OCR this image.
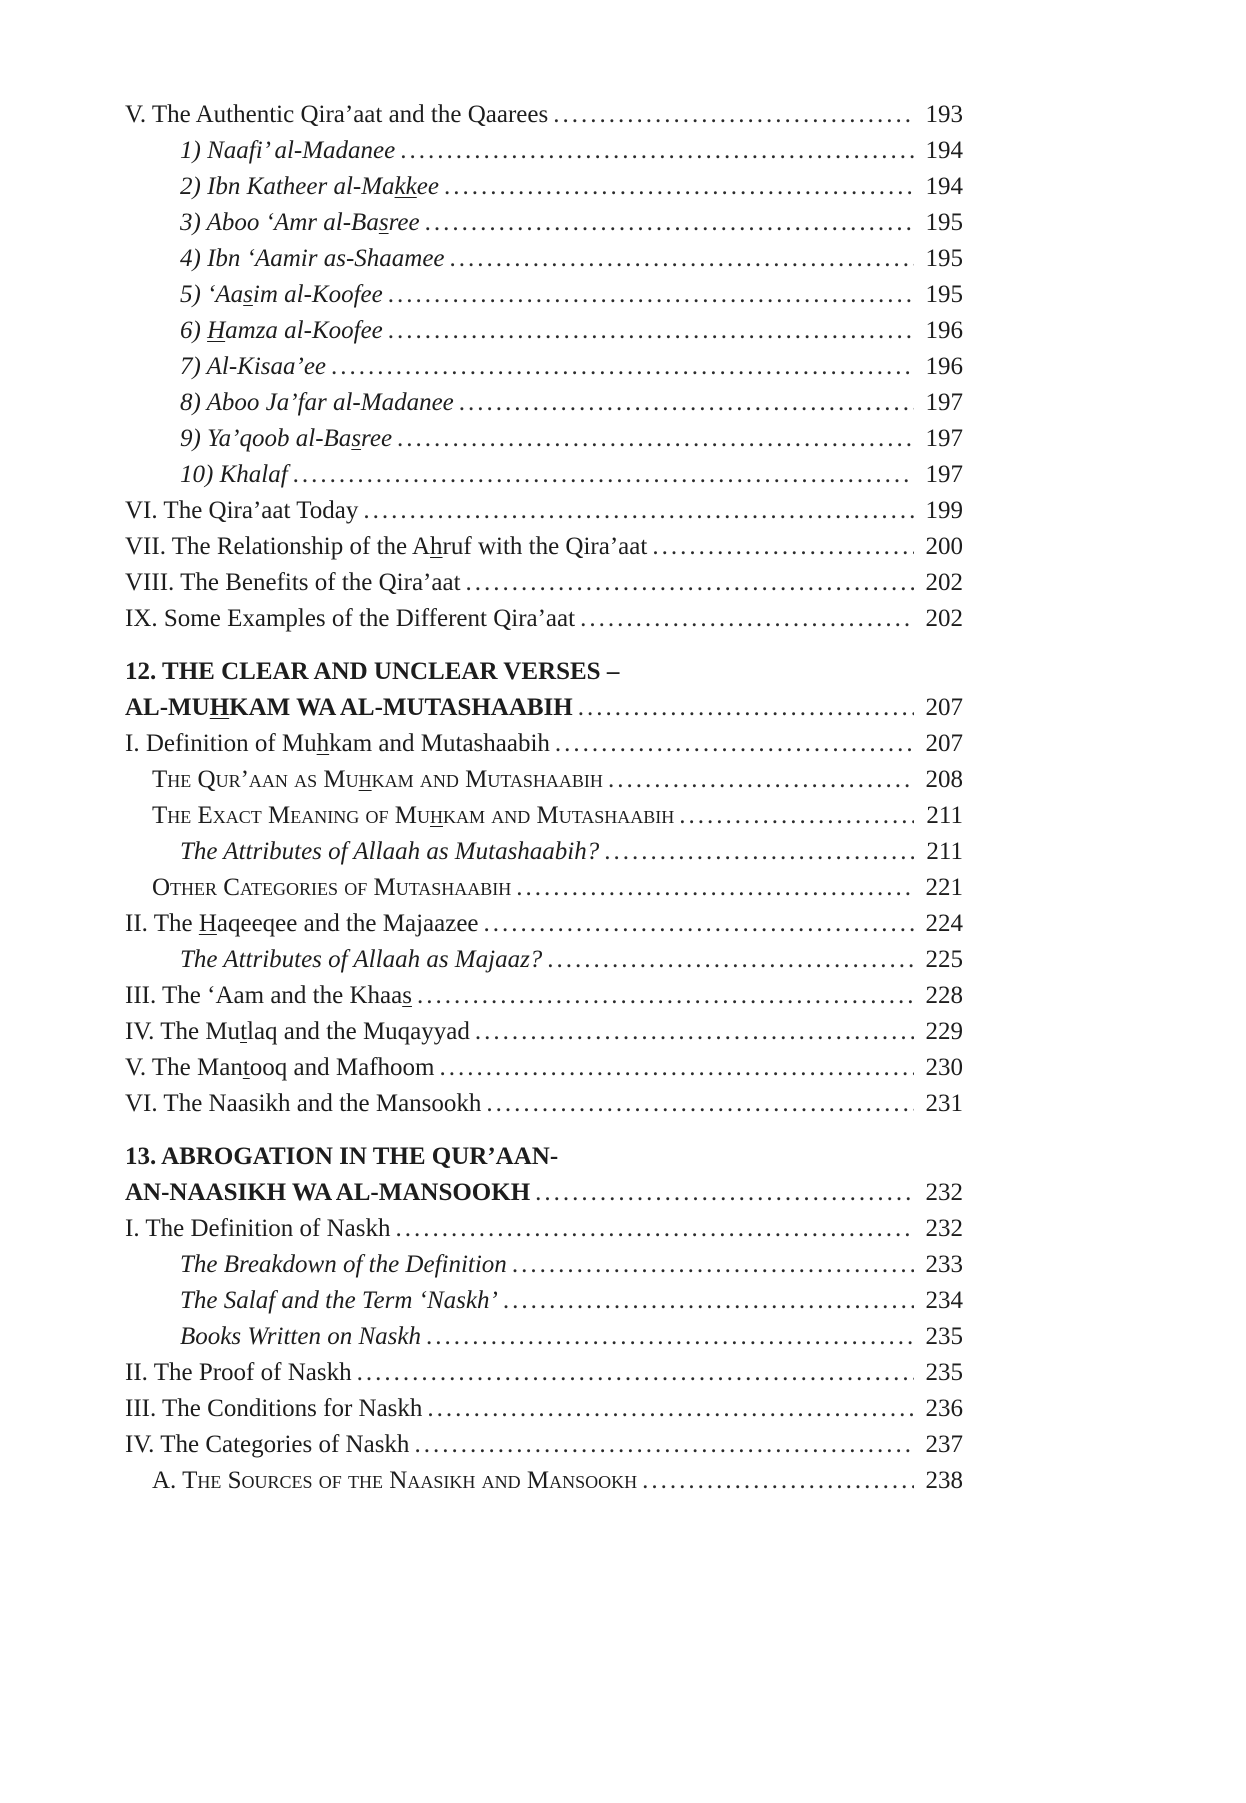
V. The Authentic Qira’aat and the Qaarees .....	193
1) Naafi’ al-Madanee .....	194
2) Ibn Katheer al-Makkee .....	194
3) Aboo ‘Amr al-Basree .....	195
4) Ibn ‘Aamir as-Shaamee .....	195
5) ‘Aasim al-Koofee .....	195
6) Hamza al-Koofee .....	196
7) Al-Kisaa’ee .....	196
8) Aboo Ja’far al-Madanee .....	197
9) Ya’qoob al-Basree .....	197
10) Khalaf .....	197
VI. The Qira’aat Today .....	199
VII. The Relationship of the Ahruf with the Qira’aat .....	200
VIII. The Benefits of the Qira’aat .....	202
IX. Some Examples of the Different Qira’aat .....	202
12. THE CLEAR AND UNCLEAR VERSES –
AL-MUHKAM WA AL-MUTASHAABIH .....	207
I. Definition of Muhkam and Mutashaabih .....	207
The Qur’aan as Muhkam and Mutashaabih .....	208
The Exact Meaning of Muhkam and Mutashaabih .....	211
The Attributes of Allaah as Mutashaabih? .....	211
Other Categories of Mutashaabih .....	221
II. The Haqeeqee and the Majaazee .....	224
The Attributes of Allaah as Majaaz? .....	225
III. The ‘Aam and the Khaas .....	228
IV. The Mutlaq and the Muqayyad .....	229
V. The Mantooq and Mafhoom .....	230
VI. The Naasikh and the Mansookh .....	231
13. ABROGATION IN THE QUR’AAN-
AN-NAASIKH WA AL-MANSOOKH .....	232
I. The Definition of Naskh .....	232
The Breakdown of the Definition .....	233
The Salaf and the Term ‘Naskh’ .....	234
Books Written on Naskh .....	235
II. The Proof of Naskh .....	235
III. The Conditions for Naskh .....	236
IV. The Categories of Naskh .....	237
A. The Sources of the Naasikh and Mansookh .....	238
